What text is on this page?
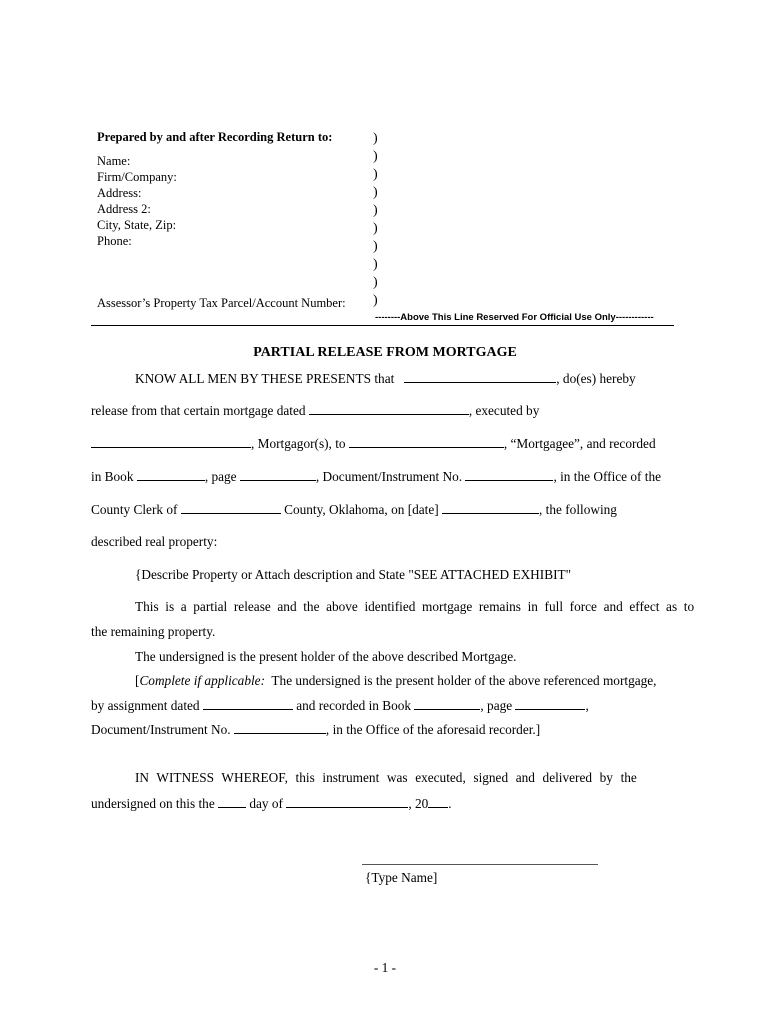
Prepared by and after Recording Return to:
Name:
Firm/Company:
Address:
Address 2:
City, State, Zip:
Phone:
Assessor’s Property Tax Parcel/Account Number:
)
)
)
)
)
)
)
)
)
)
--------Above This Line Reserved For Official Use Only------------
PARTIAL RELEASE FROM MORTGAGE
KNOW ALL MEN BY THESE PRESENTS that	, do(es) hereby
release from that certain mortgage dated	, executed by
, Mortgagor(s), to	, “Mortgagee”, and recorded
in Book	, page	, Document/Instrument No.	, in the Office of the
County Clerk of	County, Oklahoma, on [date]	, the following
described real property:
{Describe Property or Attach description and State "SEE ATTACHED EXHIBIT"
This is a partial release and the above identified mortgage remains in full force and effect as to
the remaining property.
The undersigned is the present holder of the above described Mortgage.
[Complete if applicable: The undersigned is the present holder of the above referenced mortgage,
by assignment dated	and recorded in Book	, page	,
Document/Instrument No.	, in the Office of the aforesaid recorder.]
IN WITNESS WHEREOF, this instrument was executed, signed and delivered by the
undersigned on this the	day of	, 20 .
{Type Name]
- 1 -
